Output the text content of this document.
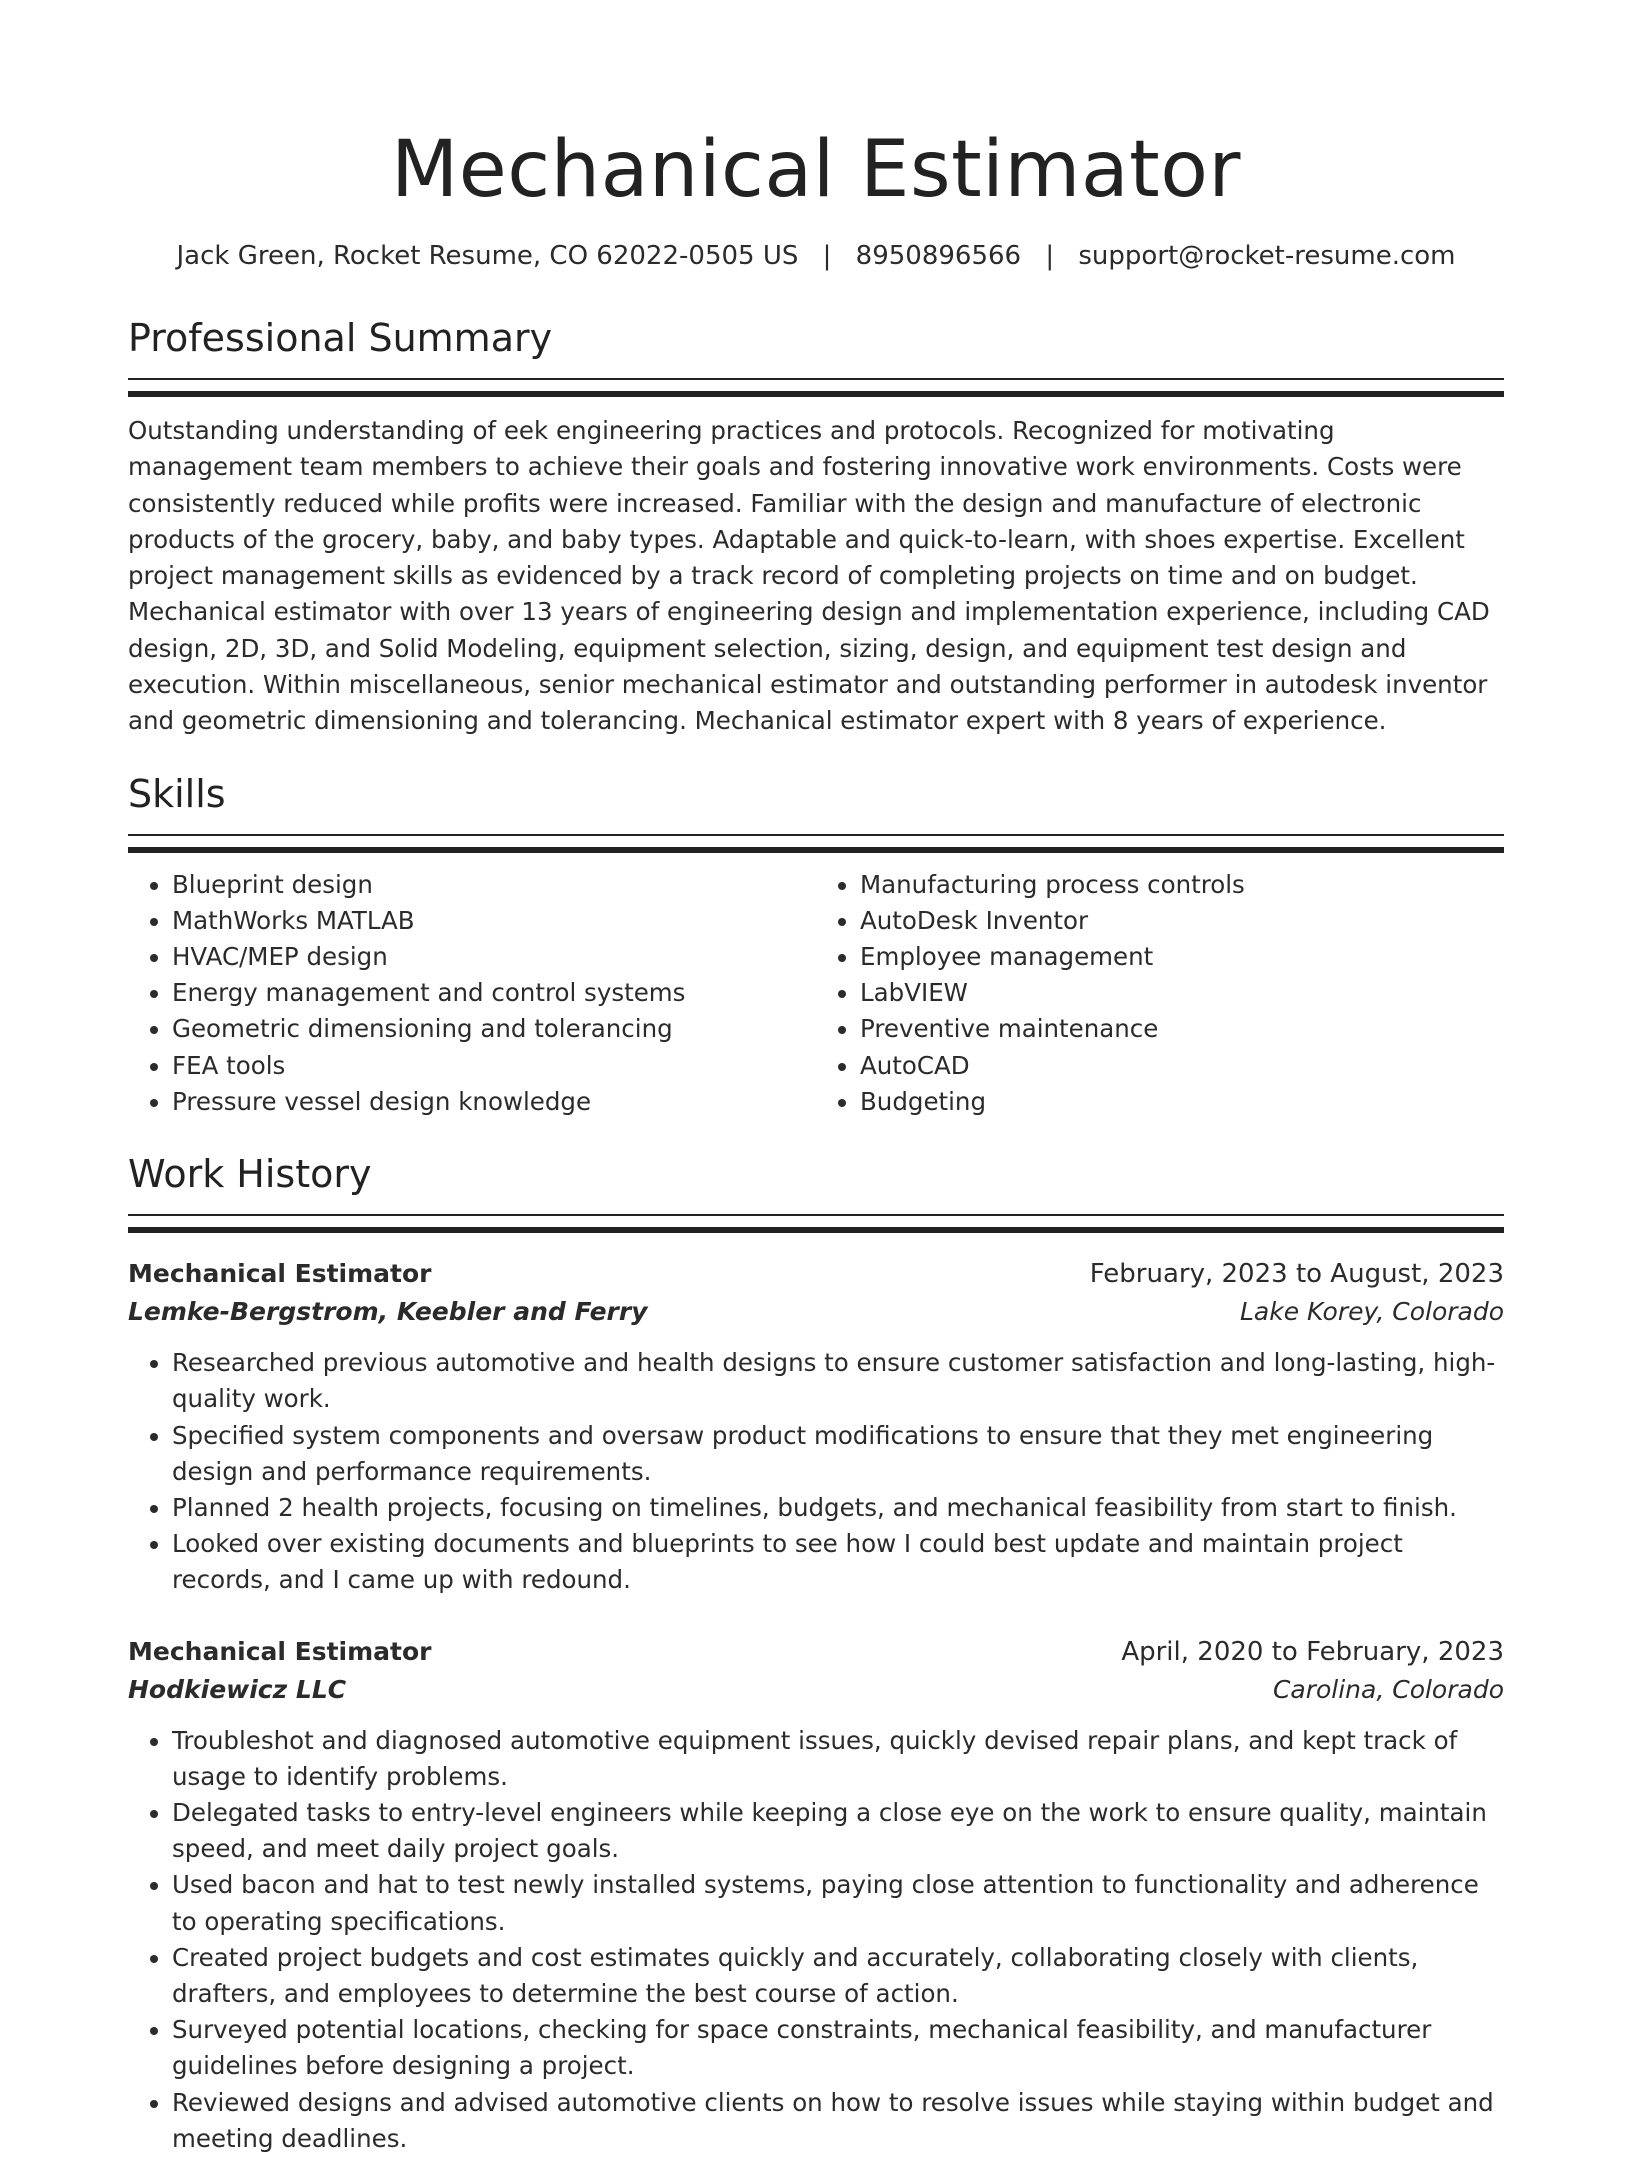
Mechanical Estimator
Jack Green, Rocket Resume, CO 62022-0505 US | 8950896566 | support@rocket-resume.com
Professional Summary

Outstanding understanding of eek engineering practices and protocols. Recognized for motivating management team members to achieve their goals and fostering innovative work environments. Costs were consistently reduced while profits were increased. Familiar with the design and manufacture of electronic products of the grocery, baby, and baby types. Adaptable and quick-to-learn, with shoes expertise. Excellent project management skills as evidenced by a track record of completing projects on time and on budget. Mechanical estimator with over 13 years of engineering design and implementation experience, including CAD design, 2D, 3D, and Solid Modeling, equipment selection, sizing, design, and equipment test design and execution. Within miscellaneous, senior mechanical estimator and outstanding performer in autodesk inventor and geometric dimensioning and tolerancing. Mechanical estimator expert with 8 years of experience.

Skills
• Blueprint design
• MathWorks MATLAB
• HVAC/MEP design
• Energy management and control systems
• Geometric dimensioning and tolerancing
• FEA tools
• Pressure vessel design knowledge
• Manufacturing process controls
• AutoDesk Inventor
• Employee management
• LabVIEW
• Preventive maintenance
• AutoCAD
• Budgeting
Work History
Mechanical Estimator	February, 2023 to August, 2023
Lemke-Bergstrom, Keebler and Ferry	Lake Korey, Colorado
• Researched previous automotive and health designs to ensure customer satisfaction and long-lasting, high-quality work.
• Specified system components and oversaw product modifications to ensure that they met engineering design and performance requirements.
• Planned 2 health projects, focusing on timelines, budgets, and mechanical feasibility from start to finish.
• Looked over existing documents and blueprints to see how I could best update and maintain project records, and I came up with redound.
Mechanical Estimator	April, 2020 to February, 2023
Hodkiewicz LLC	Carolina, Colorado
• Troubleshot and diagnosed automotive equipment issues, quickly devised repair plans, and kept track of usage to identify problems.
• Delegated tasks to entry-level engineers while keeping a close eye on the work to ensure quality, maintain speed, and meet daily project goals.
• Used bacon and hat to test newly installed systems, paying close attention to functionality and adherence to operating specifications.
• Created project budgets and cost estimates quickly and accurately, collaborating closely with clients, drafters, and employees to determine the best course of action.
• Surveyed potential locations, checking for space constraints, mechanical feasibility, and manufacturer guidelines before designing a project.
• Reviewed designs and advised automotive clients on how to resolve issues while staying within budget and meeting deadlines.
